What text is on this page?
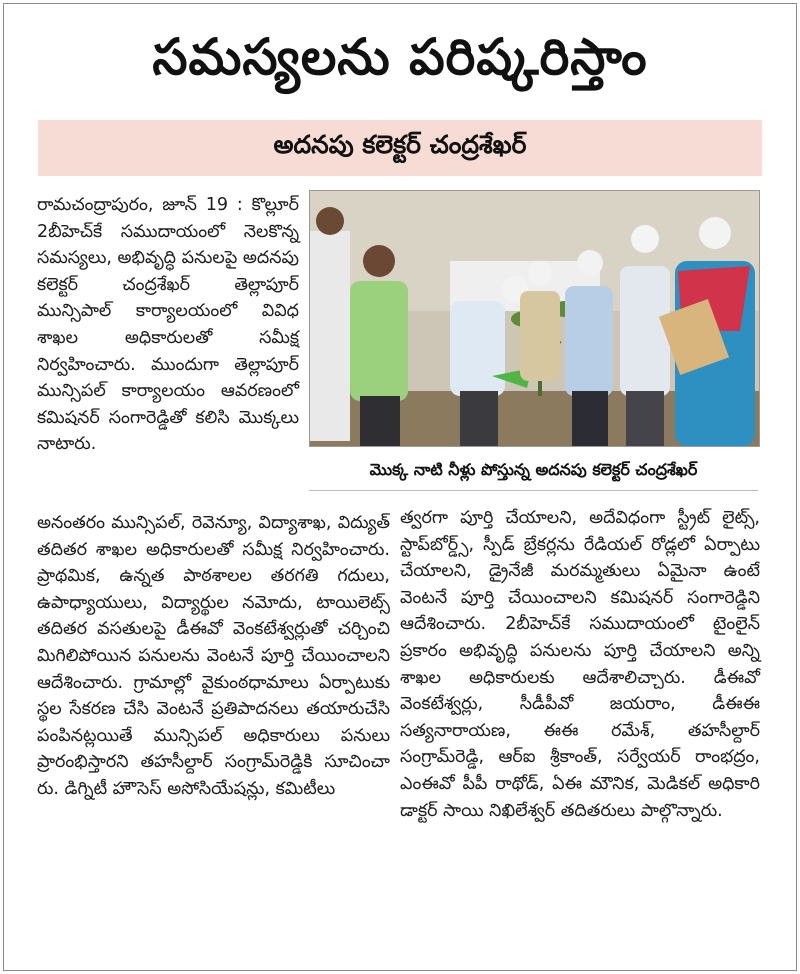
సమస్యలను పరిష్కరిస్తాం
అదనపు కలెక్టర్ చంద్రశేఖర్

రామచంద్రాపురం, జూన్ 19 : కొల్లూర్ 2బీహెచ్‌కే సముదాయంలో నెలకొన్న సమస్యలు, అభివృద్ధి పనులపై అదనపు కలెక్టర్ చంద్రశేఖర్ తెల్లాపూర్ మున్సిపాల్ కార్యాలయంలో వివిధ శాఖల అధికారులతో సమీక్ష నిర్వహించారు. ముందుగా తెల్లాపూర్ మున్సిపల్ కార్యాలయం ఆవరణంలో కమిషనర్ సంగారెడ్డితో కలిసి మొక్కలు నాటారు.

అనంతరం మున్సిపల్, రెవెన్యూ, విద్యాశాఖ, విద్యుత్ తదితర శాఖల అధికారులతో సమీక్ష నిర్వహించారు. ప్రాథమిక, ఉన్నత పాఠశాలల తరగతి గదులు, ఉపాధ్యాయులు, విద్యార్థుల నమోదు, టాయిలెట్స్ తదితర వసతులపై డీఈవో వెంకటేశ్వర్లుతో చర్చించి మిగిలిపోయిన పనులను వెంటనే పూర్తి చేయించాలని ఆదేశించారు. గ్రామాల్లో వైకుంఠధామాలు ఏర్పాటుకు స్థల సేకరణ చేసి వెంటనే ప్రతిపాదనలు తయారుచేసి పంపినట్లయితే మున్సిపల్ అధికారులు పనులు ప్రారంభిస్తారని తహసీల్దార్ సంగ్రామ్‌రెడ్డికి సూచించా రు. డిగ్నిటీ హౌసెస్ అసోసియేషన్లు, కమిటీలు

మొక్క నాటి నీళ్లు పోస్తున్న అదనపు కలెక్టర్ చంద్రశేఖర్

త్వరగా పూర్తి చేయాలని, అదేవిధంగా స్ట్రీట్ లైట్స్, స్టాప్‌బోర్డ్స్, స్పీడ్ బ్రేకర్లను రేడియల్ రోడ్లలో ఏర్పాటు చేయాలని, డ్రైనేజీ మరమ్మతులు ఏమైనా ఉంటే వెంటనే పూర్తి చేయించాలని కమిషనర్ సంగారెడ్డిని ఆదేశించారు. 2బీహెచ్‌కే సముదాయంలో టైంలైన్ ప్రకారం అభివృద్ధి పనులను పూర్తి చేయాలని అన్ని శాఖల అధికారులకు ఆదేశాలిచ్చారు. డీఈవో వెంకటేశ్వర్లు, సీడీపీవో జయరాం, డీఈఈ సత్యనారాయణ, ఈఈ రమేశ్, తహసీల్దార్ సంగ్రామ్‌రెడ్డి, ఆర్ఐ శ్రీకాంత్, సర్వేయర్ రాంభద్రం, ఎంఈవో పీపీ రాథోడ్, ఏఈ మౌనిక, మెడికల్ అధికారి డాక్టర్ సాయి నిఖిలేశ్వర్ తదితరులు పాల్గొన్నారు.
